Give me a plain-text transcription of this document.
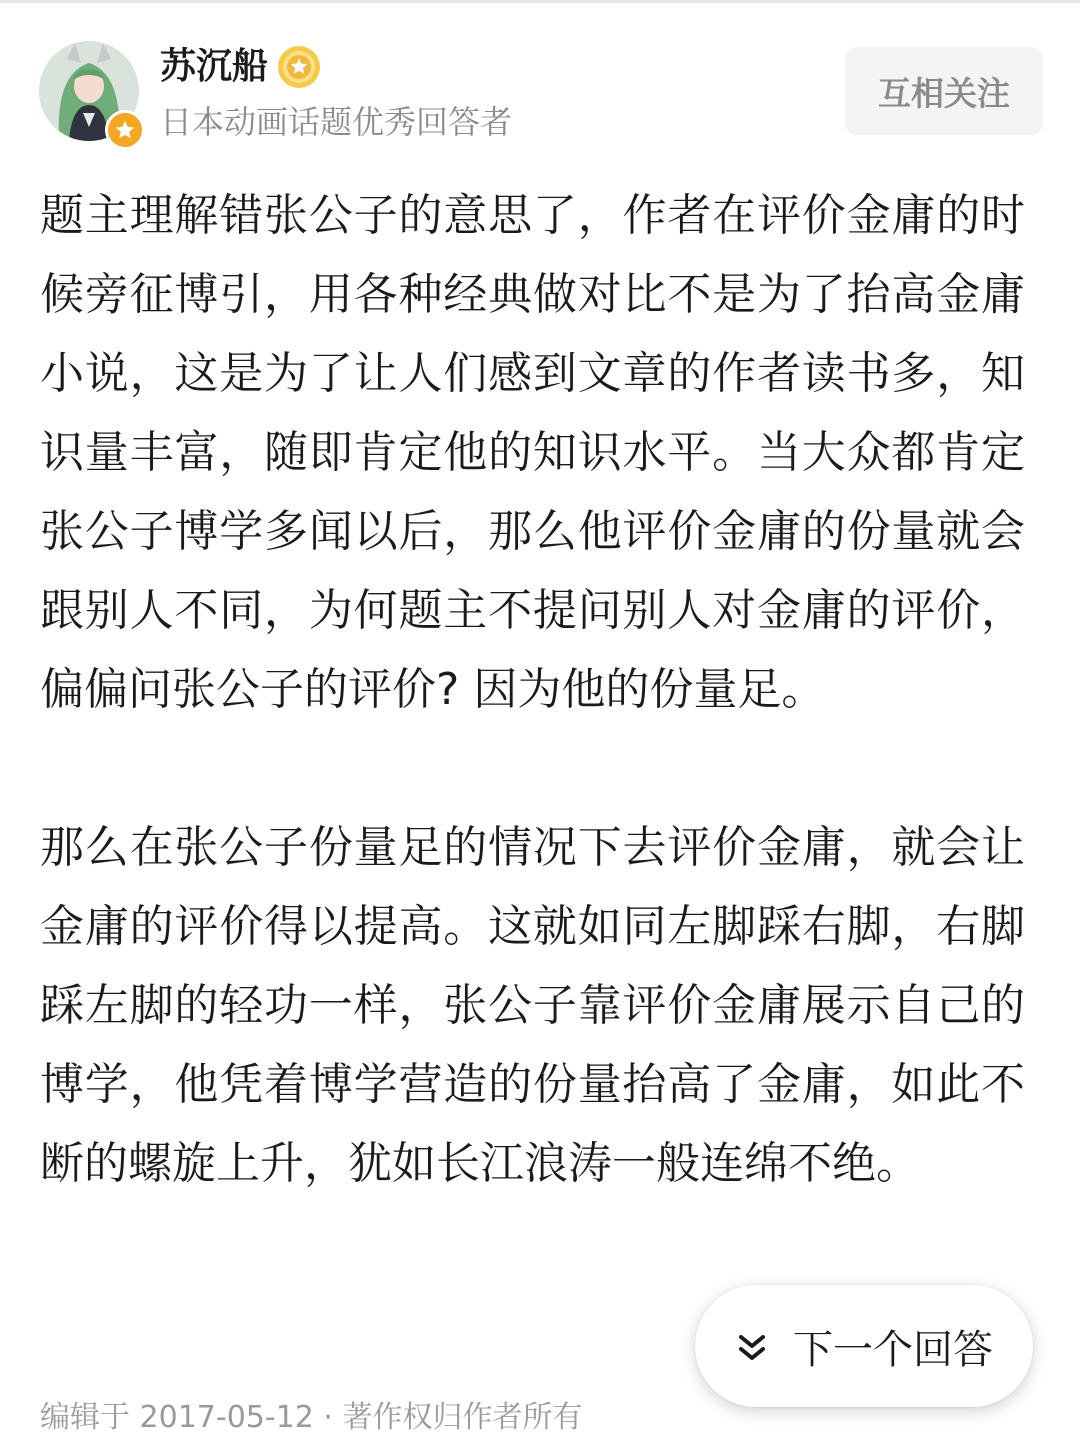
苏沉船
日本动画话题优秀回答者
互相关注

题主理解错张公子的意思了，作者在评价金庸的时候旁征博引，用各种经典做对比不是为了抬高金庸小说，这是为了让人们感到文章的作者读书多，知识量丰富，随即肯定他的知识水平。当大众都肯定张公子博学多闻以后，那么他评价金庸的份量就会跟别人不同，为何题主不提问别人对金庸的评价，偏偏问张公子的评价? 因为他的份量足。

那么在张公子份量足的情况下去评价金庸，就会让金庸的评价得以提高。这就如同左脚踩右脚，右脚踩左脚的轻功一样，张公子靠评价金庸展示自己的博学，他凭着博学营造的份量抬高了金庸，如此不断的螺旋上升，犹如长江浪涛一般连绵不绝。

编辑于 2017-05-12 · 著作权归作者所有
下一个回答
